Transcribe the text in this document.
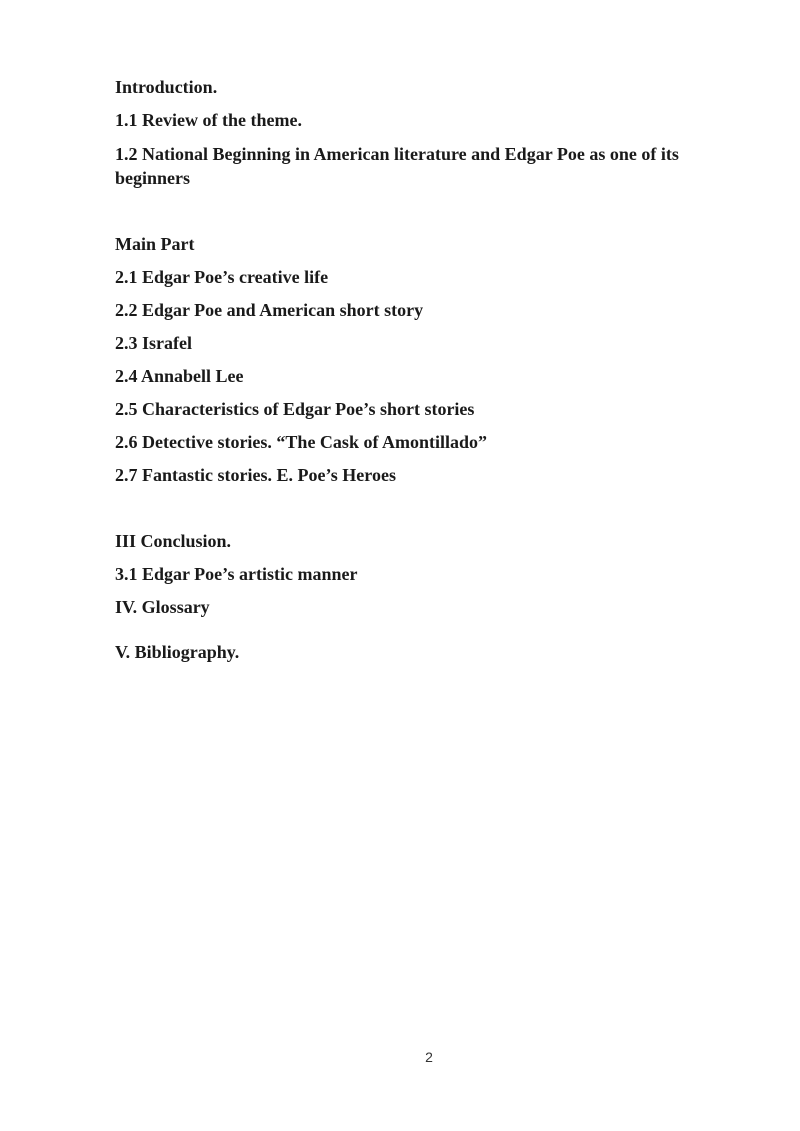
Introduction.
1.1 Review of the theme.
1.2 National Beginning in American literature and Edgar Poe as one of its beginners
Main Part
2.1 Edgar Poe’s creative life
2.2 Edgar Poe and American short story
2.3 Israfel
2.4 Annabell Lee
2.5 Characteristics of Edgar Poe’s short stories
2.6 Detective stories. “The Cask of Amontillado”
2.7 Fantastic stories. E. Poe’s Heroes
III Conclusion.
3.1 Edgar Poe’s artistic manner
IV. Glossary
V. Bibliography.
2
